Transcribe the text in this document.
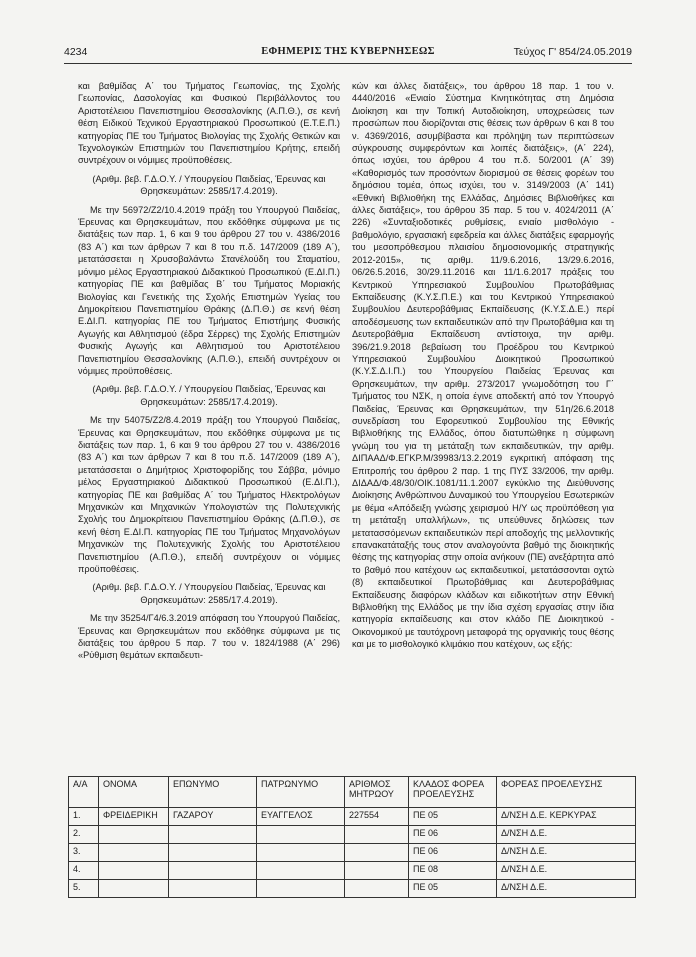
4234	ΕΦΗΜΕΡΙΣ ΤΗΣ ΚΥΒΕΡΝΗΣΕΩΣ	Τεύχος Γ' 854/24.05.2019

και βαθμίδας Α΄ του Τμήματος Γεωπονίας, της Σχολής Γεωπονίας, Δασολογίας και Φυσικού Περιβάλλοντος του Αριστοτέλειου Πανεπιστημίου Θεσσαλονίκης (Α.Π.Θ.), σε κενή θέση Ειδικού Τεχνικού Εργαστηριακού Προσωπικού (Ε.Τ.Ε.Π.) κατηγορίας ΠΕ του Τμήματος Βιολογίας της Σχολής Θετικών και Τεχνολογικών Επιστημών του Πανεπιστημίου Κρήτης, επειδή συντρέχουν οι νόμιμες προϋποθέσεις.

(Αριθμ. βεβ. Γ.Δ.Ο.Υ. / Υπουργείου Παιδείας, Έρευνας και Θρησκευμάτων: 2585/17.4.2019).

Με την 56972/Ζ2/10.4.2019 πράξη του Υπουργού Παιδείας, Έρευνας και Θρησκευμάτων, που εκδόθηκε σύμφωνα με τις διατάξεις των παρ. 1, 6 και 9 του άρθρου 27 του ν. 4386/2016 (83 Α΄) και των άρθρων 7 και 8 του π.δ. 147/2009 (189 Α΄), μετατάσσεται η Χρυσοβαλάντω Στανέλούδη του Σταματίου, μόνιμο μέλος Εργαστηριακού Διδακτικού Προσωπικού (Ε.ΔΙ.Π.) κατηγορίας ΠΕ και βαθμίδας Β΄ του Τμήματος Μοριακής Βιολογίας και Γενετικής της Σχολής Επιστημών Υγείας του Δημοκρίτειου Πανεπιστημίου Θράκης (Δ.Π.Θ.) σε κενή θέση Ε.ΔΙ.Π. κατηγορίας ΠΕ του Τμήματος Επιστήμης Φυσικής Αγωγής και Αθλητισμού (έδρα Σέρρες) της Σχολής Επιστημών Φυσικής Αγωγής και Αθλητισμού του Αριστοτέλειου Πανεπιστημίου Θεσσαλονίκης (Α.Π.Θ.), επειδή συντρέχουν οι νόμιμες προϋποθέσεις.

(Αριθμ. βεβ. Γ.Δ.Ο.Υ. / Υπουργείου Παιδείας, Έρευνας και Θρησκευμάτων: 2585/17.4.2019).

Με την 54075/Ζ2/8.4.2019 πράξη του Υπουργού Παιδείας, Έρευνας και Θρησκευμάτων, που εκδόθηκε σύμφωνα με τις διατάξεις των παρ. 1, 6 και 9 του άρθρου 27 του ν. 4386/2016 (83 Α΄) και των άρθρων 7 και 8 του π.δ. 147/2009 (189 Α΄), μετατάσσεται ο Δημήτριος Χριστοφορίδης του Σάββα, μόνιμο μέλος Εργαστηριακού Διδακτικού Προσωπικού (Ε.ΔΙ.Π.), κατηγορίας ΠΕ και βαθμίδας Α΄ του Τμήματος Ηλεκτρολόγων Μηχανικών και Μηχανικών Υπολογιστών της Πολυτεχνικής Σχολής του Δημοκρίτειου Πανεπιστημίου Θράκης (Δ.Π.Θ.), σε κενή θέση Ε.ΔΙ.Π. κατηγορίας ΠΕ του Τμήματος Μηχανολόγων Μηχανικών της Πολυτεχνικής Σχολής του Αριστοτέλειου Πανεπιστημίου (Α.Π.Θ.), επειδή συντρέχουν οι νόμιμες προϋποθέσεις.

(Αριθμ. βεβ. Γ.Δ.Ο.Υ. / Υπουργείου Παιδείας, Έρευνας και Θρησκευμάτων: 2585/17.4.2019).

Με την 35254/Γ4/6.3.2019 απόφαση του Υπουργού Παιδείας, Έρευνας και Θρησκευμάτων που εκδόθηκε σύμφωνα με τις διατάξεις του άρθρου 5 παρ. 7 του ν. 1824/1988 (Α΄ 296) «Ρύθμιση θεμάτων εκπαιδευτι-

κών και άλλες διατάξεις», του άρθρου 18 παρ. 1 του ν. 4440/2016 «Ενιαίο Σύστημα Κινητικότητας στη Δημόσια Διοίκηση και την Τοπική Αυτοδιοίκηση, υποχρεώσεις των προσώπων που διορίζονται στις θέσεις των άρθρων 6 και 8 του ν. 4369/2016, ασυμβίβαστα και πρόληψη των περιπτώσεων σύγκρουσης συμφερόντων και λοιπές διατάξεις», (Α΄ 224), όπως ισχύει, του άρθρου 4 του π.δ. 50/2001 (Α΄ 39) «Καθορισμός των προσόντων διορισμού σε θέσεις φορέων του δημόσιου τομέα, όπως ισχύει, του ν. 3149/2003 (Α΄ 141) «Εθνική Βιβλιοθήκη της Ελλάδας, Δημόσιες Βιβλιοθήκες και άλλες διατάξεις», του άρθρου 35 παρ. 5 του ν. 4024/2011 (Α΄ 226) «Συνταξιοδοτικές ρυθμίσεις, ενιαίο μισθολόγιο - βαθμολόγιο, εργασιακή εφεδρεία και άλλες διατάξεις εφαρμογής του μεσοπρόθεσμου πλαισίου δημοσιονομικής στρατηγικής 2012-2015», τις αριθμ. 11/9.6.2016, 13/29.6.2016, 06/26.5.2016, 30/29.11.2016 και 11/1.6.2017 πράξεις του Κεντρικού Υπηρεσιακού Συμβουλίου Πρωτοβάθμιας Εκπαίδευσης (Κ.Υ.Σ.Π.Ε.) και του Κεντρικού Υπηρεσιακού Συμβουλίου Δευτεροβάθμιας Εκπαίδευσης (Κ.Υ.Σ.Δ.Ε.) περί αποδέσμευσης των εκπαιδευτικών από την Πρωτοβάθμια και τη Δευτεροβάθμια Εκπαίδευση αντίστοιχα, την αριθμ. 396/21.9.2018 βεβαίωση του Προέδρου του Κεντρικού Υπηρεσιακού Συμβουλίου Διοικητικού Προσωπικού (Κ.Υ.Σ.Δ.Ι.Π.) του Υπουργείου Παιδείας Έρευνας και Θρησκευμάτων, την αριθμ. 273/2017 γνωμοδότηση του Γ΄ Τμήματος του ΝΣΚ, η οποία έγινε αποδεκτή από τον Υπουργό Παιδείας, Έρευνας και Θρησκευμάτων, την 51η/26.6.2018 συνεδρίαση του Εφορευτικού Συμβουλίου της Εθνικής Βιβλιοθήκης της Ελλάδος, όπου διατυπώθηκε η σύμφωνη γνώμη του για τη μετάταξη των εκπαιδευτικών, την αριθμ. ΔΙΠΑΑΔ/Φ.ΕΓΚΡ.Μ/39983/13.2.2019 εγκριτική απόφαση της Επιτροπής του άρθρου 2 παρ. 1 της ΠΥΣ 33/2006, την αριθμ. ΔΙΔΑΔ/Φ.48/30/ΟΙΚ.1081/11.1.2007 εγκύκλιο της Διεύθυνσης Διοίκησης Ανθρώπινου Δυναμικού του Υπουργείου Εσωτερικών με θέμα «Απόδειξη γνώσης χειρισμού Η/Υ ως προϋπόθεση για τη μετάταξη υπαλλήλων», τις υπεύθυνες δηλώσεις των μετατασσόμενων εκπαιδευτικών περί αποδοχής της μελλοντικής επανακατάταξής τους στον αναλογούντα βαθμό της διοικητικής θέσης της κατηγορίας στην οποία ανήκουν (ΠΕ) ανεξάρτητα από το βαθμό που κατέχουν ως εκπαιδευτικοί, μετατάσσονται οχτώ (8) εκπαιδευτικοί Πρωτοβάθμιας και Δευτεροβάθμιας Εκπαίδευσης διαφόρων κλάδων και ειδικοτήτων στην Εθνική Βιβλιοθήκη της Ελλάδος με την ίδια σχέση εργασίας στην ίδια κατηγορία εκπαίδευσης και στον κλάδο ΠΕ Διοικητικού - Οικονομικού με ταυτόχρονη μεταφορά της οργανικής τους θέσης και με το μισθολογικό κλιμάκιο που κατέχουν, ως εξής:

Α/Α	ΟΝΟΜΑ	ΕΠΩΝΥΜΟ	ΠΑΤΡΩΝΥΜΟ	ΑΡΙΘΜΟΣ ΜΗΤΡΩΟΥ	ΚΛΑΔΟΣ ΦΟΡΕΑ ΠΡΟΕΛΕΥΣΗΣ	ΦΟΡΕΑΣ ΠΡΟΕΛΕΥΣΗΣ
1.	ΦΡΕΙΔΕΡΙΚΗ	ΓΑΖΑΡΟΥ	ΕΥΑΓΓΕΛΟΣ	227554	ΠΕ 05	Δ/ΝΣΗ Δ.Ε. ΚΕΡΚΥΡΑΣ
2.					ΠΕ 06	Δ/ΝΣΗ Δ.Ε.
3.					ΠΕ 06	Δ/ΝΣΗ Δ.Ε.
4.					ΠΕ 08	Δ/ΝΣΗ Δ.Ε.
5.					ΠΕ 05	Δ/ΝΣΗ Δ.Ε.
